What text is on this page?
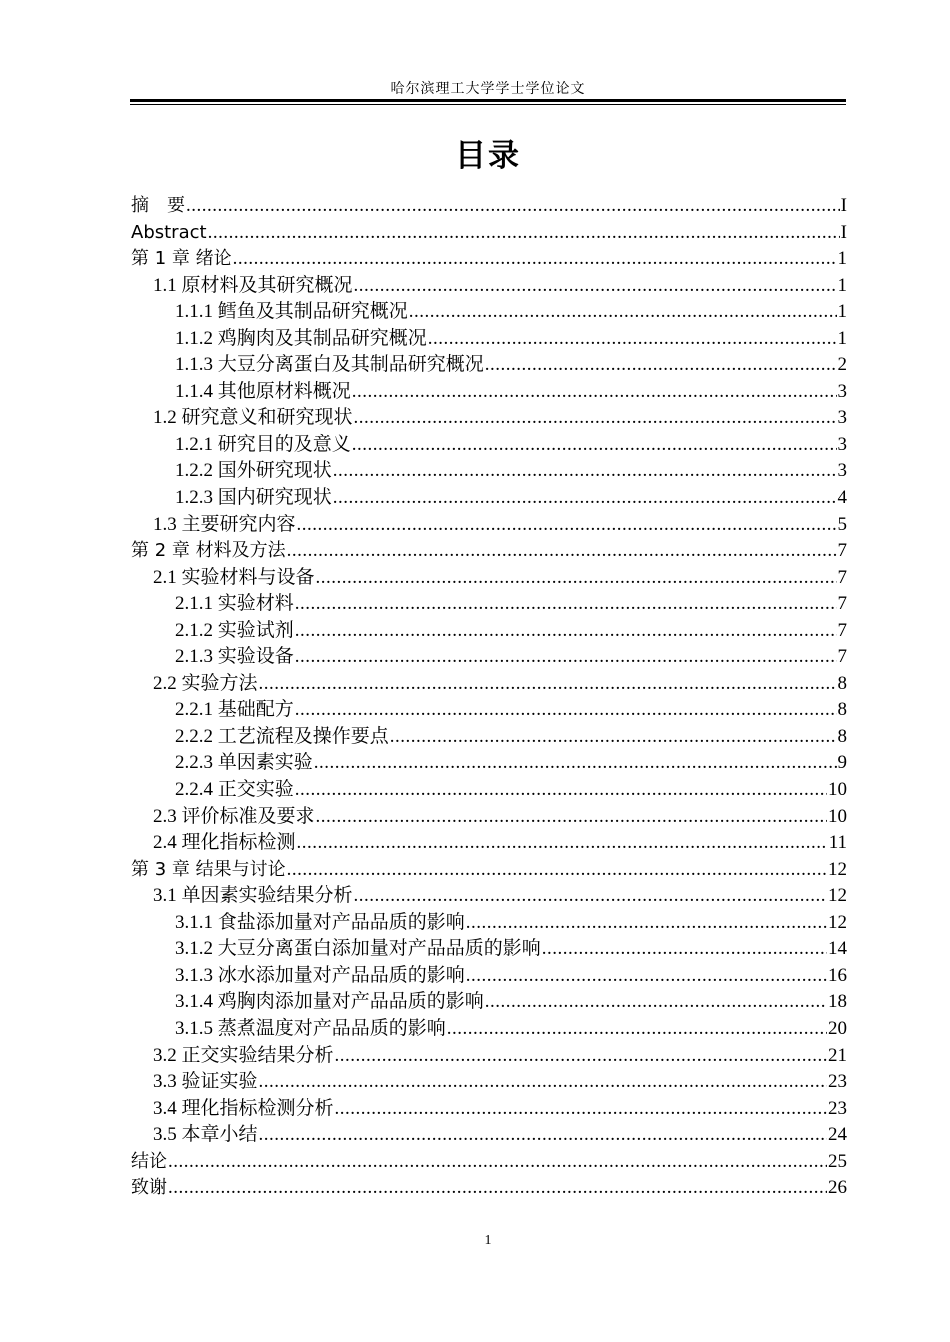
哈尔滨理工大学学士学位论文
目录
摘　要 .....	I
Abstract .....	I
第 1 章 绪论 .....	1
1.1 原材料及其研究概况 .....	1
1.1.1 鳕鱼及其制品研究概况 .....	1
1.1.2 鸡胸肉及其制品研究概况 .....	1
1.1.3 大豆分离蛋白及其制品研究概况 .....	2
1.1.4 其他原材料概况 .....	3
1.2 研究意义和研究现状 .....	3
1.2.1 研究目的及意义 .....	3
1.2.2 国外研究现状 .....	3
1.2.3 国内研究现状 .....	4
1.3 主要研究内容 .....	5
第 2 章 材料及方法 .....	7
2.1 实验材料与设备 .....	7
2.1.1 实验材料 .....	7
2.1.2 实验试剂 .....	7
2.1.3 实验设备 .....	7
2.2 实验方法 .....	8
2.2.1 基础配方 .....	8
2.2.2 工艺流程及操作要点 .....	8
2.2.3 单因素实验 .....	9
2.2.4 正交实验 .....	10
2.3 评价标准及要求 .....	10
2.4 理化指标检测 .....	11
第 3 章 结果与讨论 .....	12
3.1 单因素实验结果分析 .....	12
3.1.1 食盐添加量对产品品质的影响 .....	12
3.1.2 大豆分离蛋白添加量对产品品质的影响 .....	14
3.1.3 冰水添加量对产品品质的影响 .....	16
3.1.4 鸡胸肉添加量对产品品质的影响 .....	18
3.1.5 蒸煮温度对产品品质的影响 .....	20
3.2 正交实验结果分析 .....	21
3.3 验证实验 .....	23
3.4 理化指标检测分析 .....	23
3.5 本章小结 .....	24
结论 .....	25
致谢 .....	26
1
